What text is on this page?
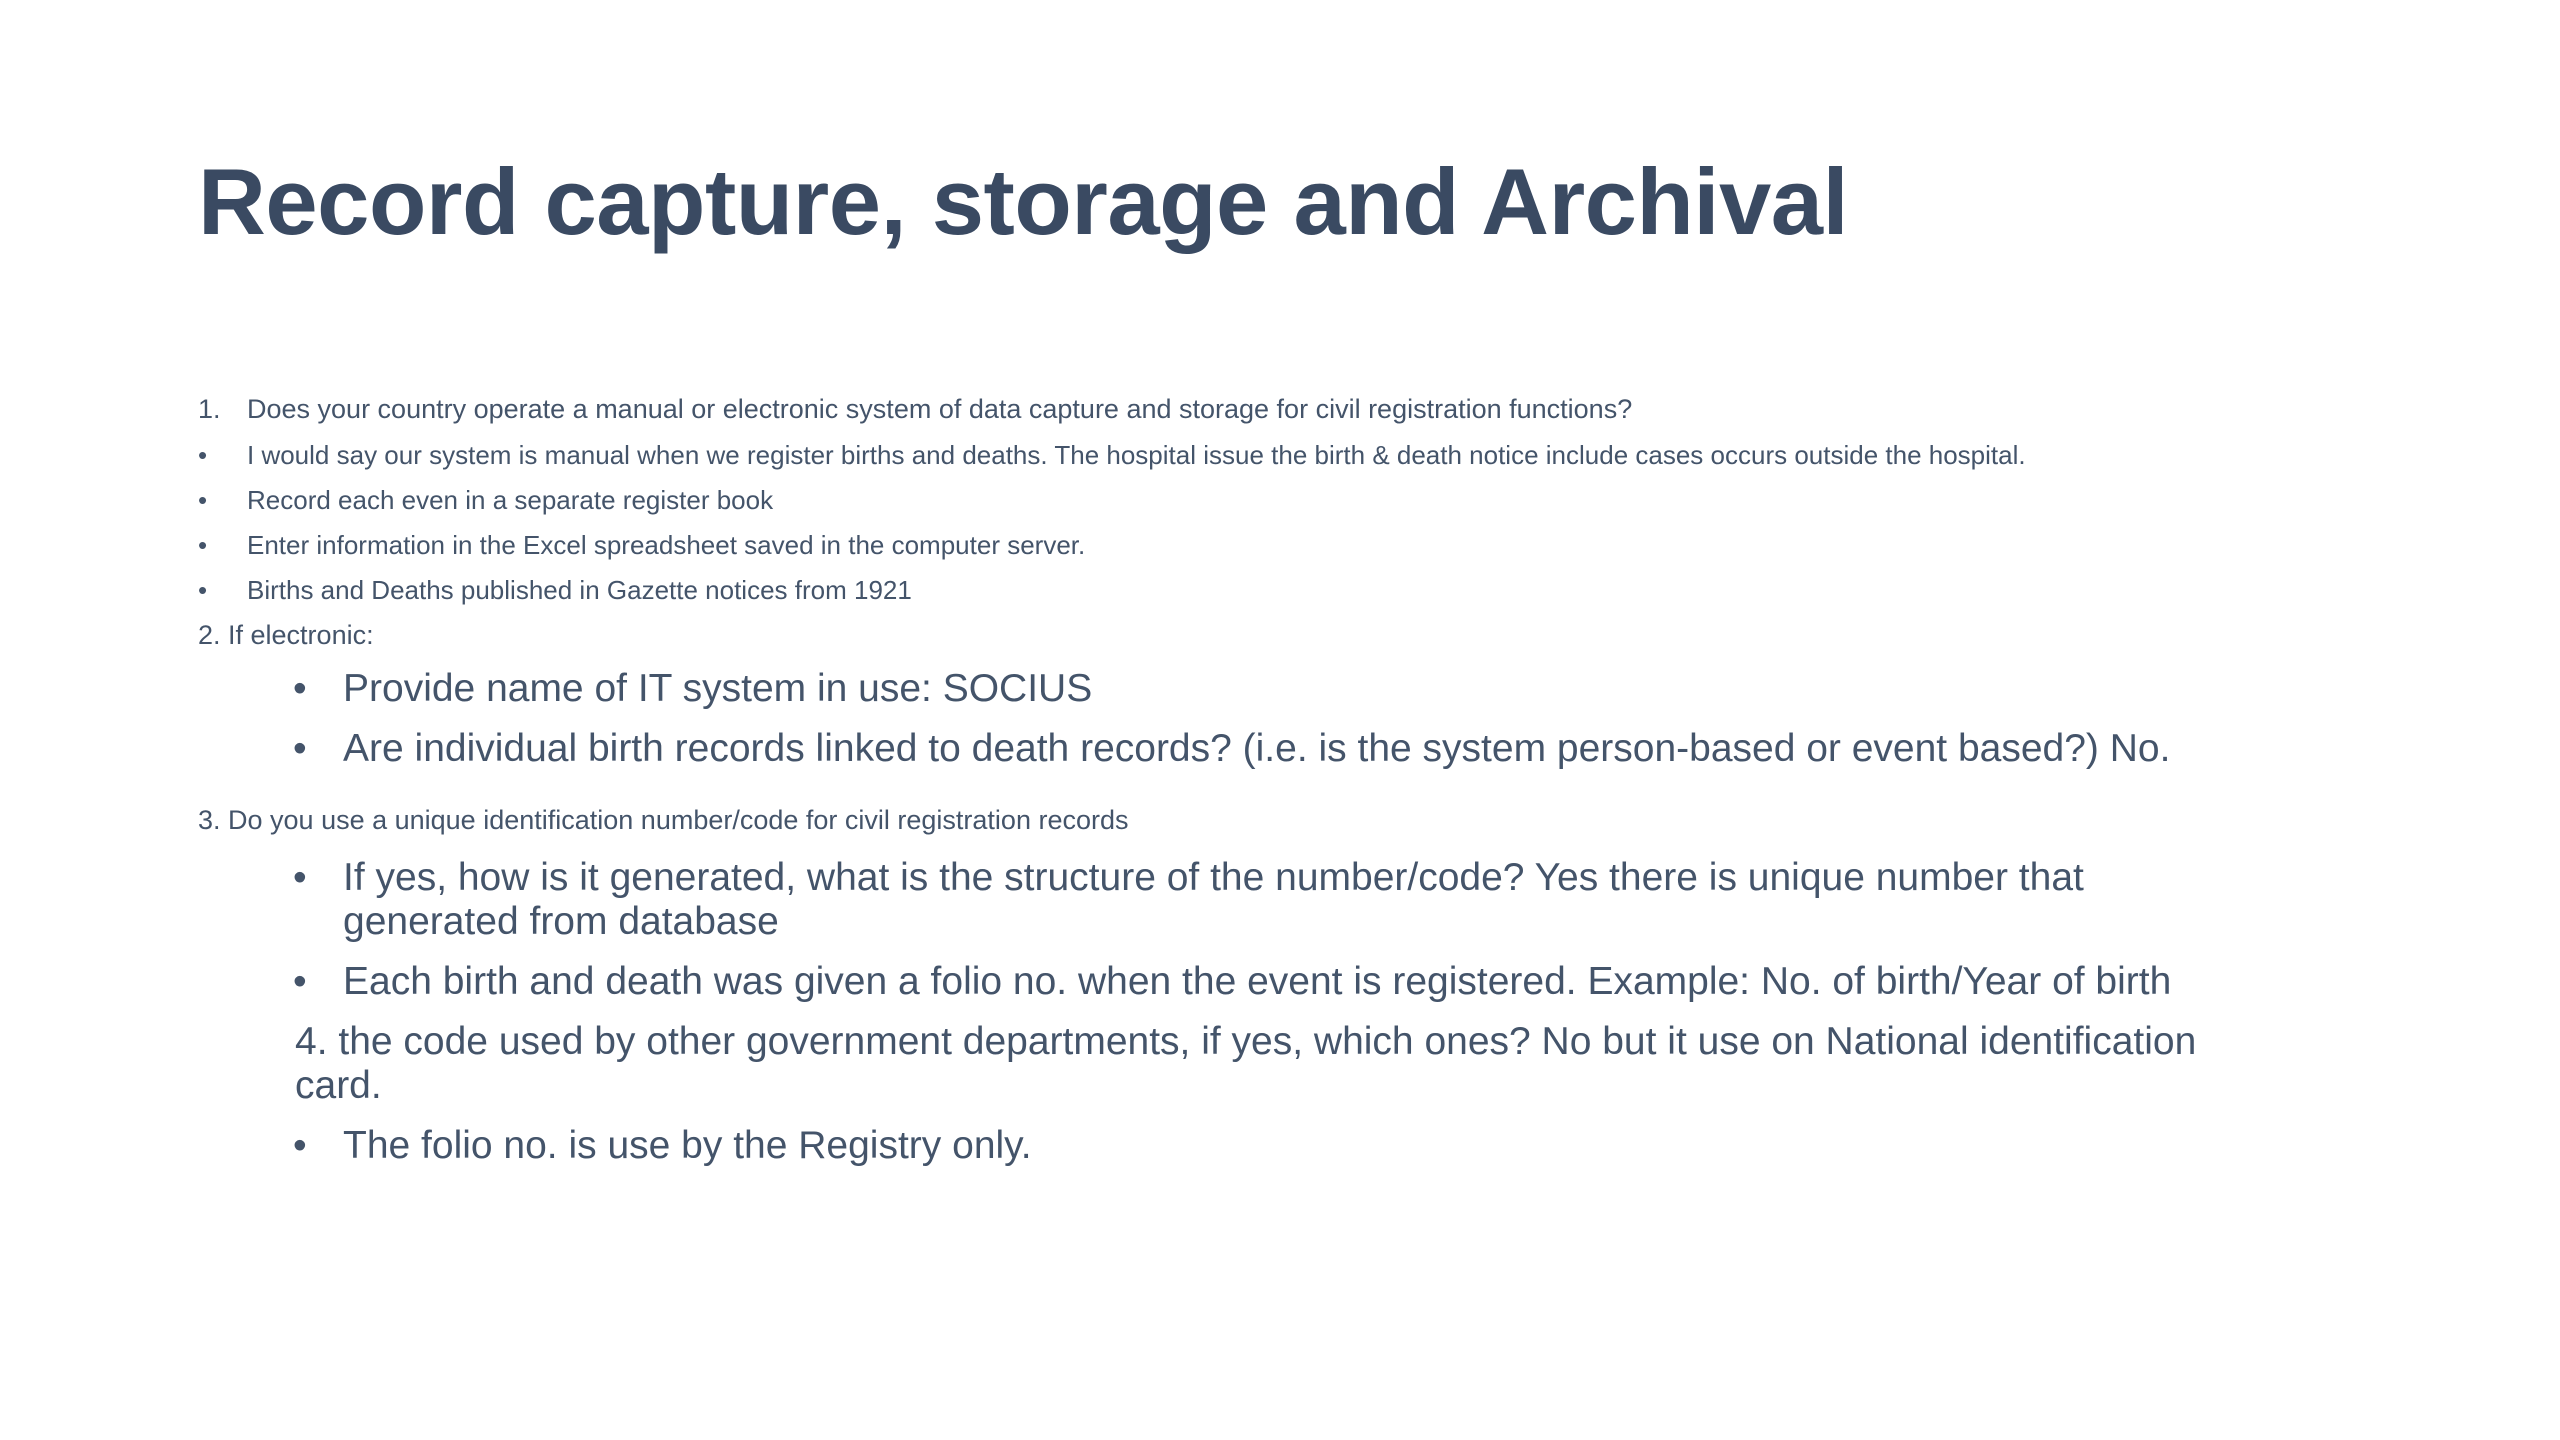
Record capture, storage and Archival
1. Does your country operate a manual or electronic system of data capture and storage for civil registration functions?
• I would say our system is manual when we register births and deaths. The hospital issue the birth & death notice include cases occurs outside the hospital.
• Record each even in a separate register book
• Enter information in the Excel spreadsheet saved in the computer server.
• Births and Deaths published in Gazette notices from 1921
2. If electronic:
• Provide name of IT system in use: SOCIUS
• Are individual birth records linked to death records? (i.e. is the system person-based or event based?) No.
3. Do you use a unique identification number/code for civil registration records
• If yes, how is it generated, what is the structure of the number/code? Yes there is unique number that
generated from database
• Each birth and death was given a folio no. when the event is registered. Example: No. of birth/Year of birth
4. the code used by other government departments, if yes, which ones? No but it use on National identification
card.
• The folio no. is use by the Registry only.
